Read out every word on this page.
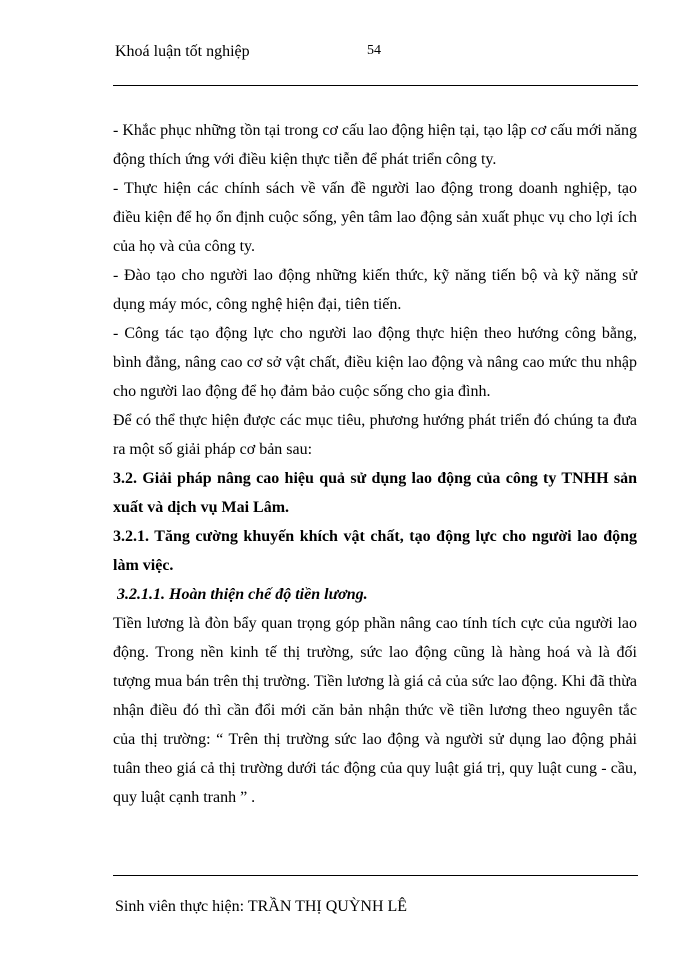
Khoá luận tốt nghiệp	54

- Khắc phục những tồn tại trong cơ cấu lao động hiện tại, tạo lập cơ cấu mới năng động thích ứng với điều kiện thực tiễn để phát triển công ty.

- Thực hiện các chính sách về vấn đề người lao động trong doanh nghiệp, tạo điều kiện để họ ổn định cuộc sống, yên tâm lao động sản xuất phục vụ cho lợi ích của họ và của công ty.

- Đào tạo cho người lao động những kiến thức, kỹ năng tiến bộ và kỹ năng sử dụng máy móc, công nghệ hiện đại, tiên tiến.

- Công tác tạo động lực cho người lao động thực hiện theo hướng công bằng, bình đẳng, nâng cao cơ sở vật chất, điều kiện lao động và nâng cao mức thu nhập cho người lao động để họ đảm bảo cuộc sống cho gia đình.

Để có thể thực hiện được các mục tiêu, phương hướng phát triển đó chúng ta đưa ra một số giải pháp cơ bản sau:

3.2. Giải pháp nâng cao hiệu quả sử dụng lao động của công ty TNHH sản xuất và dịch vụ Mai Lâm.

3.2.1. Tăng cường khuyến khích vật chất, tạo động lực cho người lao động làm việc.

3.2.1.1. Hoàn thiện chế độ tiền lương.

Tiền lương là đòn bẩy quan trọng góp phần nâng cao tính tích cực của người lao động. Trong nền kinh tế thị trường, sức lao động cũng là hàng hoá và là đối tượng mua bán trên thị trường. Tiền lương là giá cả của sức lao động. Khi đã thừa nhận điều đó thì cần đổi mới căn bản nhận thức về tiền lương theo nguyên tắc của thị trường: “ Trên thị trường sức lao động và người sử dụng lao động phải tuân theo giá cả thị trường dưới tác động của quy luật giá trị, quy luật cung - cầu, quy luật cạnh tranh ” .

Sinh viên thực hiện: TRẦN THỊ QUỲNH LÊ
